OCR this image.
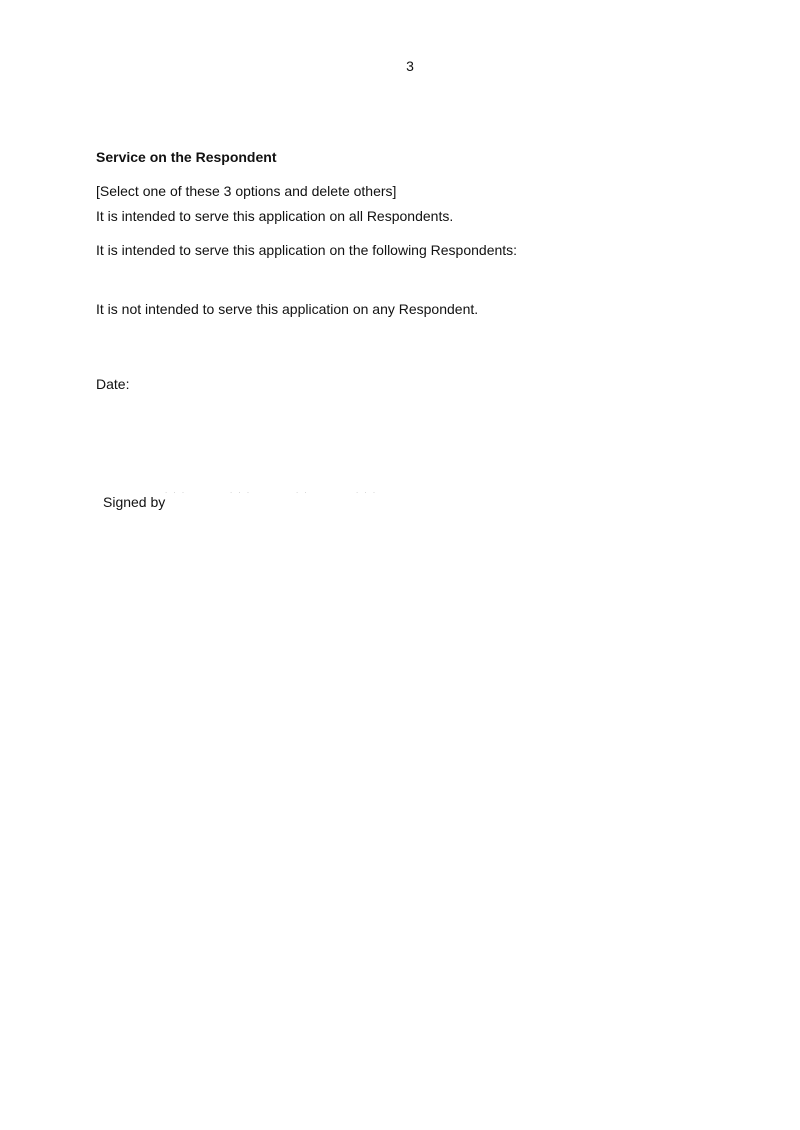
3
Service on the Respondent
[Select one of these 3 options and delete others]
It is intended to serve this application on all Respondents.
It is intended to serve this application on the following Respondents:
It is not intended to serve this application on any Respondent.
Date:
Signed by
. . .	. . .	. .	. . .
